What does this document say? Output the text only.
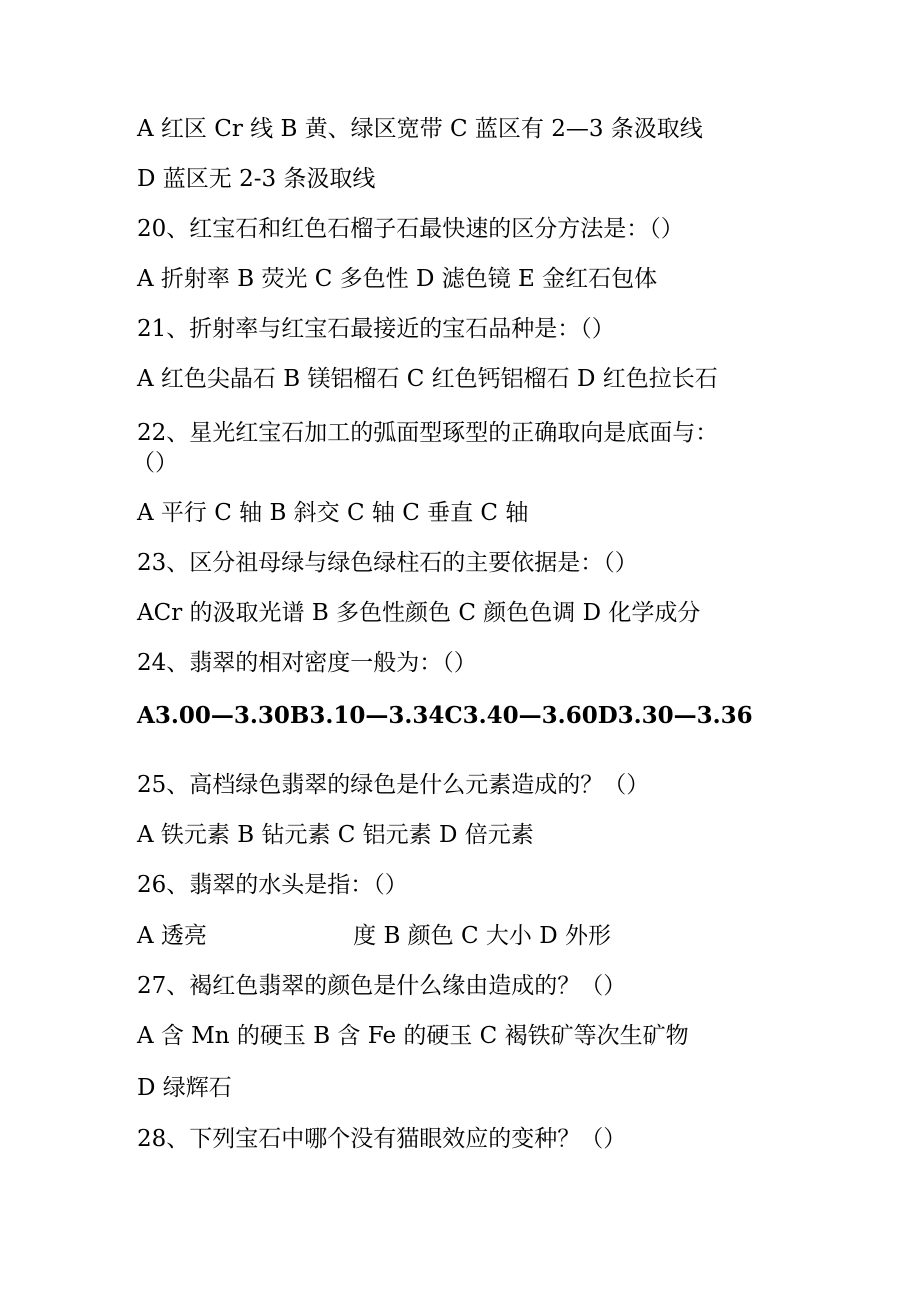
A 红区 Cr 线 B 黄、绿区宽带 C 蓝区有 2—3 条汲取线
D 蓝区无 2-3 条汲取线
20、红宝石和红色石榴子石最快速的区分方法是：（）
A 折射率 B 荧光 C 多色性 D 滤色镜 E 金红石包体
21、折射率与红宝石最接近的宝石品种是：（）
A 红色尖晶石 B 镁铝榴石 C 红色钙铝榴石 D 红色拉长石
22、星光红宝石加工的弧面型琢型的正确取向是底面与：
（）
A 平行 C 轴 B 斜交 C 轴 C 垂直 C 轴
23、区分祖母绿与绿色绿柱石的主要依据是：（）
ACr 的汲取光谱 B 多色性颜色 C 颜色色调 D 化学成分
24、翡翠的相对密度一般为：（）
A3.00—3.30B3.10—3.34C3.40—3.60D3.30—3.36
25、高档绿色翡翠的绿色是什么元素造成的？（）
A 铁元素 B 钻元素 C 铝元素 D 倍元素
26、翡翠的水头是指：（）
A 透亮                    度 B 颜色 C 大小 D 外形
27、褐红色翡翠的颜色是什么缘由造成的？（）
A 含 Mn 的硬玉 B 含 Fe 的硬玉 C 褐铁矿等次生矿物
D 绿辉石
28、下列宝石中哪个没有猫眼效应的变种？（）
